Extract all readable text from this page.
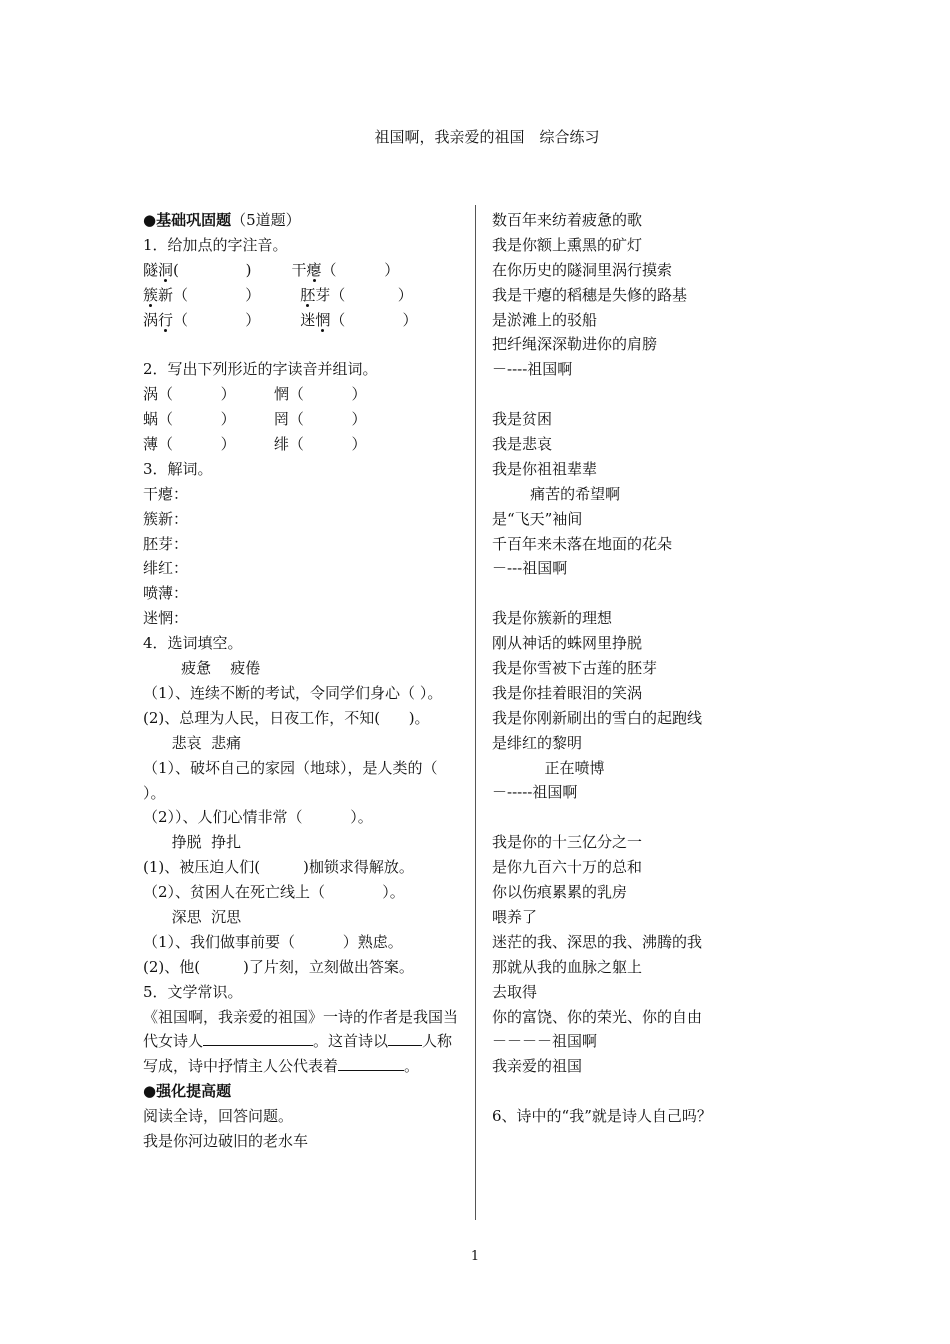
祖国啊，我亲爱的祖国　综合练习
●基础巩固题（5道题）
1．给加点的字注音。
隧洞(              )	干瘪（          ）
簇新（            ）	胚芽（           ）
涡行（            ）	迷惘（            ）
2．写出下列形近的字读音并组词。
涡（          ）        惘（          ）
蜗（          ）        罔（          ）
薄（          ）        绯（          ）
3．解词。
干瘪：
簇新：
胚芽：
绯红：
喷薄：
迷惘：
4．选词填空。
疲惫    疲倦
（1）、连续不断的考试，令同学们身心（ ）。
(2)、总理为人民，日夜工作，不知(      )。
悲哀  悲痛
（1）、破坏自己的家园（地球），是人类的（ ）。
（2））、人们心情非常（          ）。
挣脱  挣扎
(1)、被压迫人们(         )枷锁求得解放。
（2）、贫困人在死亡线上（            ）。
深思  沉思
（1）、我们做事前要（          ）熟虑。
(2)、他(         )了片刻，立刻做出答案。
5．文学常识。
《祖国啊，我亲爱的祖国》一诗的作者是我国当代女诗人	。这首诗以 人称写成，诗中抒情主人公代表着	。
●强化提高题
阅读全诗，回答问题。
我是你河边破旧的老水车
数百年来纺着疲惫的歌
我是你额上熏黑的矿灯
在你历史的隧洞里涡行摸索
我是干瘪的稻穗是失修的路基
是淤滩上的驳船
把纤绳深深勒进你的肩膀
－----祖国啊
我是贫困
我是悲哀
我是你祖祖辈辈
痛苦的希望啊
是“飞天”袖间
千百年来未落在地面的花朵
－---祖国啊
我是你簇新的理想
刚从神话的蛛网里挣脱
我是你雪被下古莲的胚芽
我是你挂着眼泪的笑涡
我是你刚新刷出的雪白的起跑线
是绯红的黎明
正在喷博
－-----祖国啊
我是你的十三亿分之一
是你九百六十万的总和
你以伤痕累累的乳房
喂养了
迷茫的我、深思的我、沸腾的我
那就从我的血脉之躯上
去取得
你的富饶、你的荣光、你的自由
－－－－祖国啊
我亲爱的祖国
6、诗中的“我”就是诗人自己吗？
1
